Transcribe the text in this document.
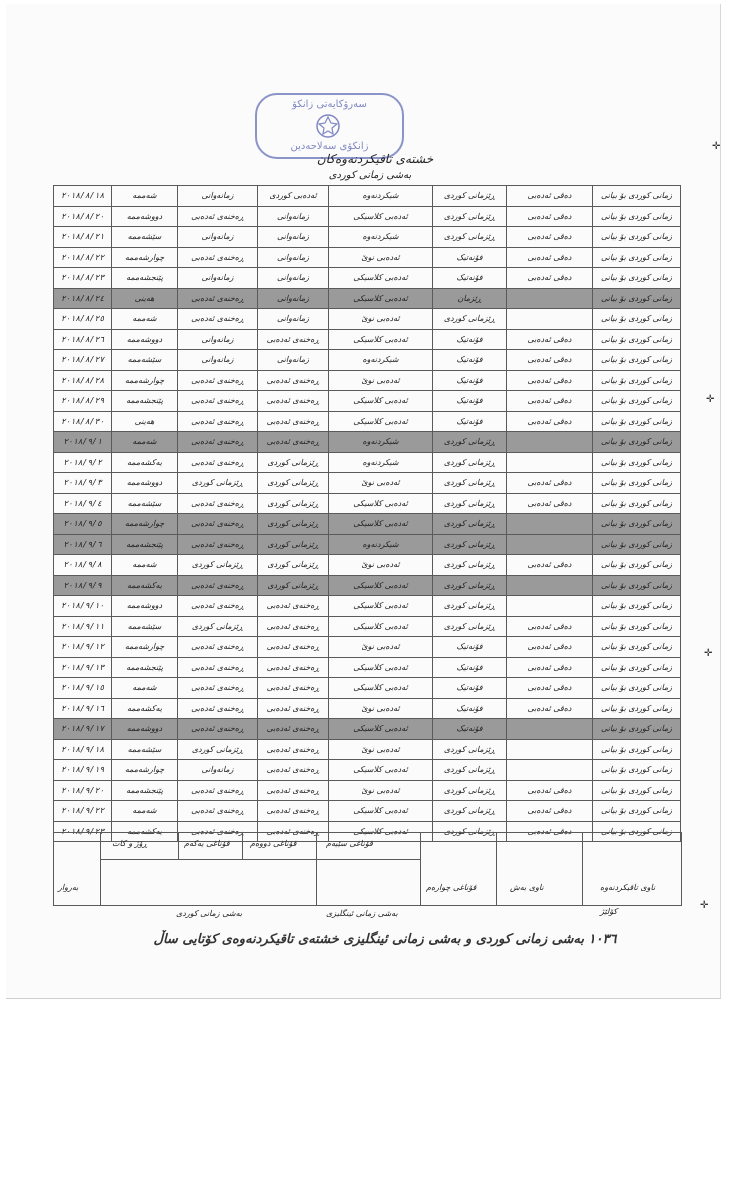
سەرۆکایەتی زانکۆ
زانکۆی سەلاحەدین
خشتەی تاقیکردنەوەکان
بەشی زمانی کوردی
٢٠١٨/٨/١٨	شەممە	زمانەوانی	ئەدەبی کوردی	شیکردنەوە	ڕێزمانی کوردی	دەقی ئەدەبی	زمانی کوردی بۆ بیانی
٢٠١٨/٨/٢٠	دووشەممە	ڕەخنەی ئەدەبی	زمانەوانی	ئەدەبی کلاسیکی	ڕێزمانی کوردی	دەقی ئەدەبی	زمانی کوردی بۆ بیانی
٢٠١٨/٨/٢١	سێشەممە	زمانەوانی	زمانەوانی	شیکردنەوە	ڕێزمانی کوردی	دەقی ئەدەبی	زمانی کوردی بۆ بیانی
٢٠١٨/٨/٢٢	چوارشەممە	ڕەخنەی ئەدەبی	زمانەوانی	ئەدەبی نوێ	فۆنەتیک	دەقی ئەدەبی	زمانی کوردی بۆ بیانی
٢٠١٨/٨/٢٣	پێنجشەممە	زمانەوانی	زمانەوانی	ئەدەبی کلاسیکی	فۆنەتیک	دەقی ئەدەبی	زمانی کوردی بۆ بیانی
٢٠١٨/٨/٢٤	هەینی	ڕەخنەی ئەدەبی	زمانەوانی	ئەدەبی کلاسیکی	ڕێزمان		زمانی کوردی بۆ بیانی
٢٠١٨/٨/٢٥	شەممە	ڕەخنەی ئەدەبی	زمانەوانی	ئەدەبی نوێ	ڕێزمانی کوردی		زمانی کوردی بۆ بیانی
٢٠١٨/٨/٢٦	دووشەممە	زمانەوانی	ڕەخنەی ئەدەبی	ئەدەبی کلاسیکی	فۆنەتیک	دەقی ئەدەبی	زمانی کوردی بۆ بیانی
٢٠١٨/٨/٢٧	سێشەممە	زمانەوانی	زمانەوانی	شیکردنەوە	فۆنەتیک	دەقی ئەدەبی	زمانی کوردی بۆ بیانی
٢٠١٨/٨/٢٨	چوارشەممە	ڕەخنەی ئەدەبی	ڕەخنەی ئەدەبی	ئەدەبی نوێ	فۆنەتیک	دەقی ئەدەبی	زمانی کوردی بۆ بیانی
٢٠١٨/٨/٢٩	پێنجشەممە	ڕەخنەی ئەدەبی	ڕەخنەی ئەدەبی	ئەدەبی کلاسیکی	فۆنەتیک	دەقی ئەدەبی	زمانی کوردی بۆ بیانی
٢٠١٨/٨/٣٠	هەینی	ڕەخنەی ئەدەبی	ڕەخنەی ئەدەبی	ئەدەبی کلاسیکی	فۆنەتیک	دەقی ئەدەبی	زمانی کوردی بۆ بیانی
٢٠١٨/٩/١	شەممە	ڕەخنەی ئەدەبی	ڕەخنەی ئەدەبی	شیکردنەوە	ڕێزمانی کوردی		زمانی کوردی بۆ بیانی
٢٠١٨/٩/٢	یەکشەممە	ڕەخنەی ئەدەبی	ڕێزمانی کوردی	شیکردنەوە	ڕێزمانی کوردی		زمانی کوردی بۆ بیانی
٢٠١٨/٩/٣	دووشەممە	ڕێزمانی کوردی	ڕێزمانی کوردی	ئەدەبی نوێ	ڕێزمانی کوردی	دەقی ئەدەبی	زمانی کوردی بۆ بیانی
٢٠١٨/٩/٤	سێشەممە	ڕەخنەی ئەدەبی	ڕێزمانی کوردی	ئەدەبی کلاسیکی	ڕێزمانی کوردی	دەقی ئەدەبی	زمانی کوردی بۆ بیانی
٢٠١٨/٩/٥	چوارشەممە	ڕەخنەی ئەدەبی	ڕێزمانی کوردی	ئەدەبی کلاسیکی	ڕێزمانی کوردی		زمانی کوردی بۆ بیانی
٢٠١٨/٩/٦	پێنجشەممە	ڕەخنەی ئەدەبی	ڕێزمانی کوردی	شیکردنەوە	ڕێزمانی کوردی		زمانی کوردی بۆ بیانی
٢٠١٨/٩/٨	شەممە	ڕێزمانی کوردی	ڕێزمانی کوردی	ئەدەبی نوێ	ڕێزمانی کوردی	دەقی ئەدەبی	زمانی کوردی بۆ بیانی
٢٠١٨/٩/٩	یەکشەممە	ڕەخنەی ئەدەبی	ڕێزمانی کوردی	ئەدەبی کلاسیکی	ڕێزمانی کوردی		زمانی کوردی بۆ بیانی
٢٠١٨/٩/١٠	دووشەممە	ڕەخنەی ئەدەبی	ڕەخنەی ئەدەبی	ئەدەبی کلاسیکی	ڕێزمانی کوردی		زمانی کوردی بۆ بیانی
٢٠١٨/٩/١١	سێشەممە	ڕێزمانی کوردی	ڕەخنەی ئەدەبی	ئەدەبی کلاسیکی	ڕێزمانی کوردی	دەقی ئەدەبی	زمانی کوردی بۆ بیانی
٢٠١٨/٩/١٢	چوارشەممە	ڕەخنەی ئەدەبی	ڕەخنەی ئەدەبی	ئەدەبی نوێ	فۆنەتیک	دەقی ئەدەبی	زمانی کوردی بۆ بیانی
٢٠١٨/٩/١٣	پێنجشەممە	ڕەخنەی ئەدەبی	ڕەخنەی ئەدەبی	ئەدەبی کلاسیکی	فۆنەتیک	دەقی ئەدەبی	زمانی کوردی بۆ بیانی
٢٠١٨/٩/١٥	شەممە	ڕەخنەی ئەدەبی	ڕەخنەی ئەدەبی	ئەدەبی کلاسیکی	فۆنەتیک	دەقی ئەدەبی	زمانی کوردی بۆ بیانی
٢٠١٨/٩/١٦	یەکشەممە	ڕەخنەی ئەدەبی	ڕەخنەی ئەدەبی	ئەدەبی نوێ	فۆنەتیک	دەقی ئەدەبی	زمانی کوردی بۆ بیانی
٢٠١٨/٩/١٧	دووشەممە	ڕەخنەی ئەدەبی	ڕەخنەی ئەدەبی	ئەدەبی کلاسیکی	فۆنەتیک		زمانی کوردی بۆ بیانی
٢٠١٨/٩/١٨	سێشەممە	ڕێزمانی کوردی	ڕەخنەی ئەدەبی	ئەدەبی نوێ	ڕێزمانی کوردی		زمانی کوردی بۆ بیانی
٢٠١٨/٩/١٩	چوارشەممە	زمانەوانی	ڕەخنەی ئەدەبی	ئەدەبی کلاسیکی	ڕێزمانی کوردی		زمانی کوردی بۆ بیانی
٢٠١٨/٩/٢٠	پێنجشەممە	ڕەخنەی ئەدەبی	ڕەخنەی ئەدەبی	ئەدەبی نوێ	ڕێزمانی کوردی	دەقی ئەدەبی	زمانی کوردی بۆ بیانی
٢٠١٨/٩/٢٢	شەممە	ڕەخنەی ئەدەبی	ڕەخنەی ئەدەبی	ئەدەبی کلاسیکی	ڕێزمانی کوردی	دەقی ئەدەبی	زمانی کوردی بۆ بیانی
٢٠١٨/٩/٢٣	یەکشەممە	ڕەخنەی ئەدەبی	ڕەخنەی ئەدەبی	ئەدەبی کلاسیکی	ڕێزمانی کوردی	دەقی ئەدەبی	زمانی کوردی بۆ بیانی
ڕۆژ و کات	قۆناغی یەکەم	قۆناغی دووەم	قۆناغی سێیەم
قۆناغی چوارەم
بەشی زمانی کوردی	بەشی زمانی ئینگلیزی
ناوی بەش
کۆلێژ
ناوی تاقیکردنەوە
بەروار
١٠٣٦ بەشی زمانی کوردی و بەشی زمانی ئینگلیزی خشتەی تاقیکردنەوەی کۆتایی ساڵ
✛
✛
✛
✛
